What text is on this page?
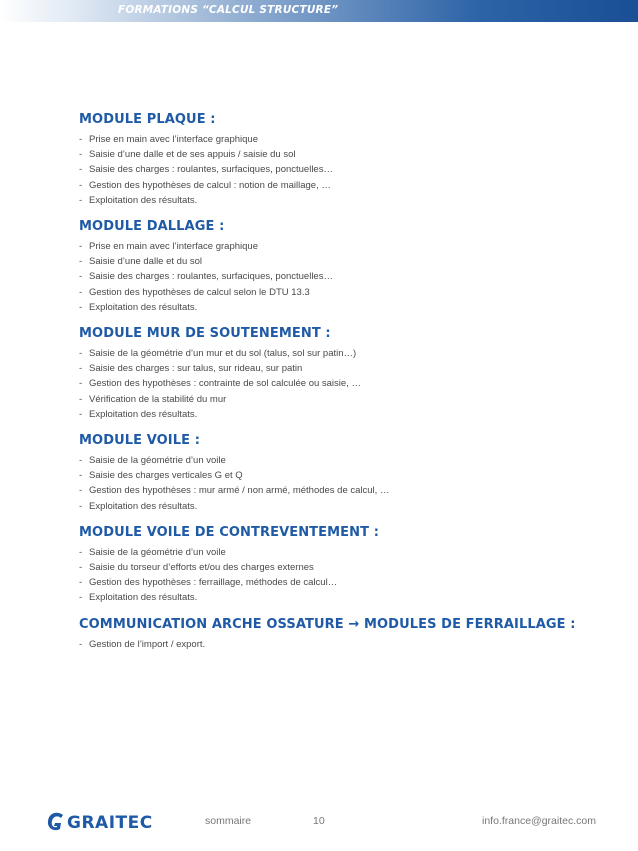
FORMATIONS “CALCUL STRUCTURE”
MODULE PLAQUE :
- Prise en main avec l’interface graphique
- Saisie d’une dalle et de ses appuis / saisie du sol
- Saisie des charges : roulantes, surfaciques, ponctuelles…
- Gestion des hypothèses de calcul : notion de maillage, …
- Exploitation des résultats.
MODULE DALLAGE :
- Prise en main avec l’interface graphique
- Saisie d’une dalle et du sol
- Saisie des charges : roulantes, surfaciques, ponctuelles…
- Gestion des hypothèses de calcul selon le DTU 13.3
- Exploitation des résultats.
MODULE MUR DE SOUTENEMENT :
- Saisie de la géométrie d’un mur et du sol (talus, sol sur patin…)
- Saisie des charges : sur talus, sur rideau, sur patin
- Gestion des hypothèses : contrainte de sol calculée ou saisie, …
- Vérification de la stabilité du mur
- Exploitation des résultats.
MODULE VOILE :
- Saisie de la géométrie d’un voile
- Saisie des charges verticales G et Q
- Gestion des hypothèses : mur armé / non armé, méthodes de calcul, …
- Exploitation des résultats.
MODULE VOILE DE CONTREVENTEMENT :
- Saisie de la géométrie d’un voile
- Saisie du torseur d’efforts et/ou des charges externes
- Gestion des hypothèses : ferraillage, méthodes de calcul…
- Exploitation des résultats.
COMMUNICATION ARCHE OSSATURE → MODULES DE FERRAILLAGE :
- Gestion de l’import / export.
GRAITEC	sommaire	10	info.france@graitec.com
